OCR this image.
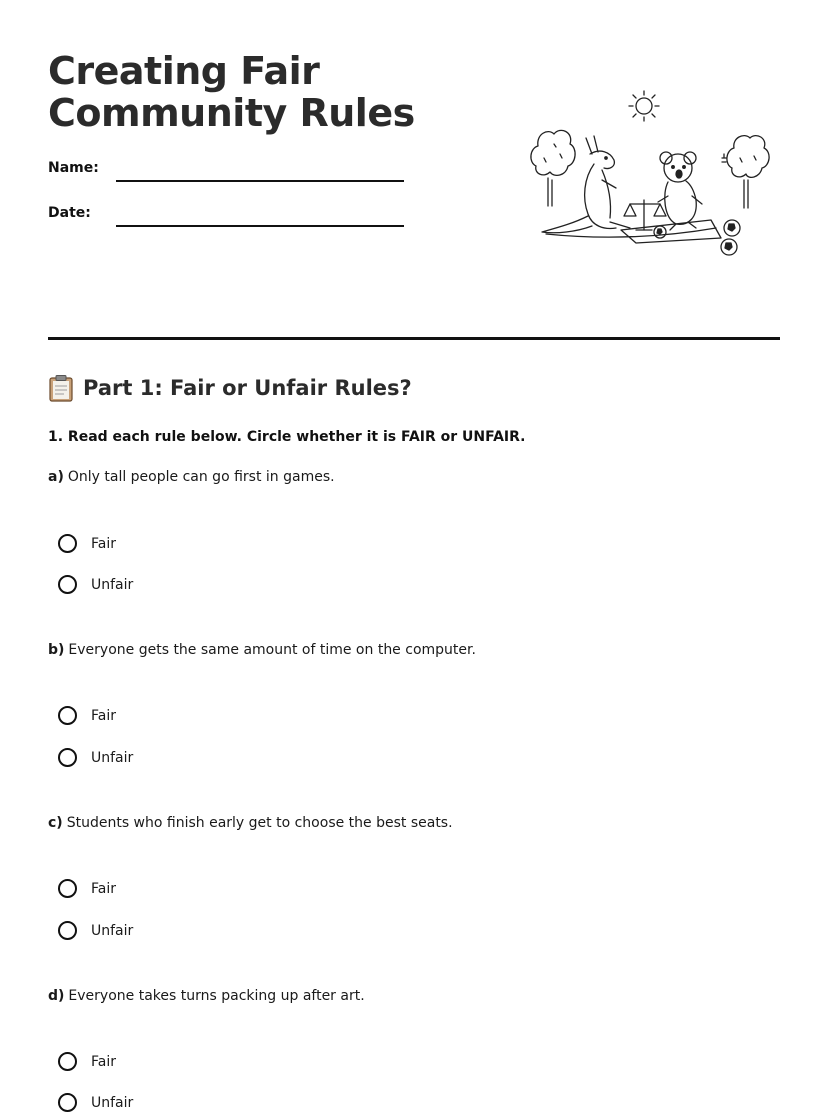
Creating Fair
Community Rules
Name:
Date:
Part 1: Fair or Unfair Rules?
1. Read each rule below. Circle whether it is FAIR or UNFAIR.
a) Only tall people can go first in games.
Fair
Unfair
b) Everyone gets the same amount of time on the computer.
Fair
Unfair
c) Students who finish early get to choose the best seats.
Fair
Unfair
d) Everyone takes turns packing up after art.
Fair
Unfair
